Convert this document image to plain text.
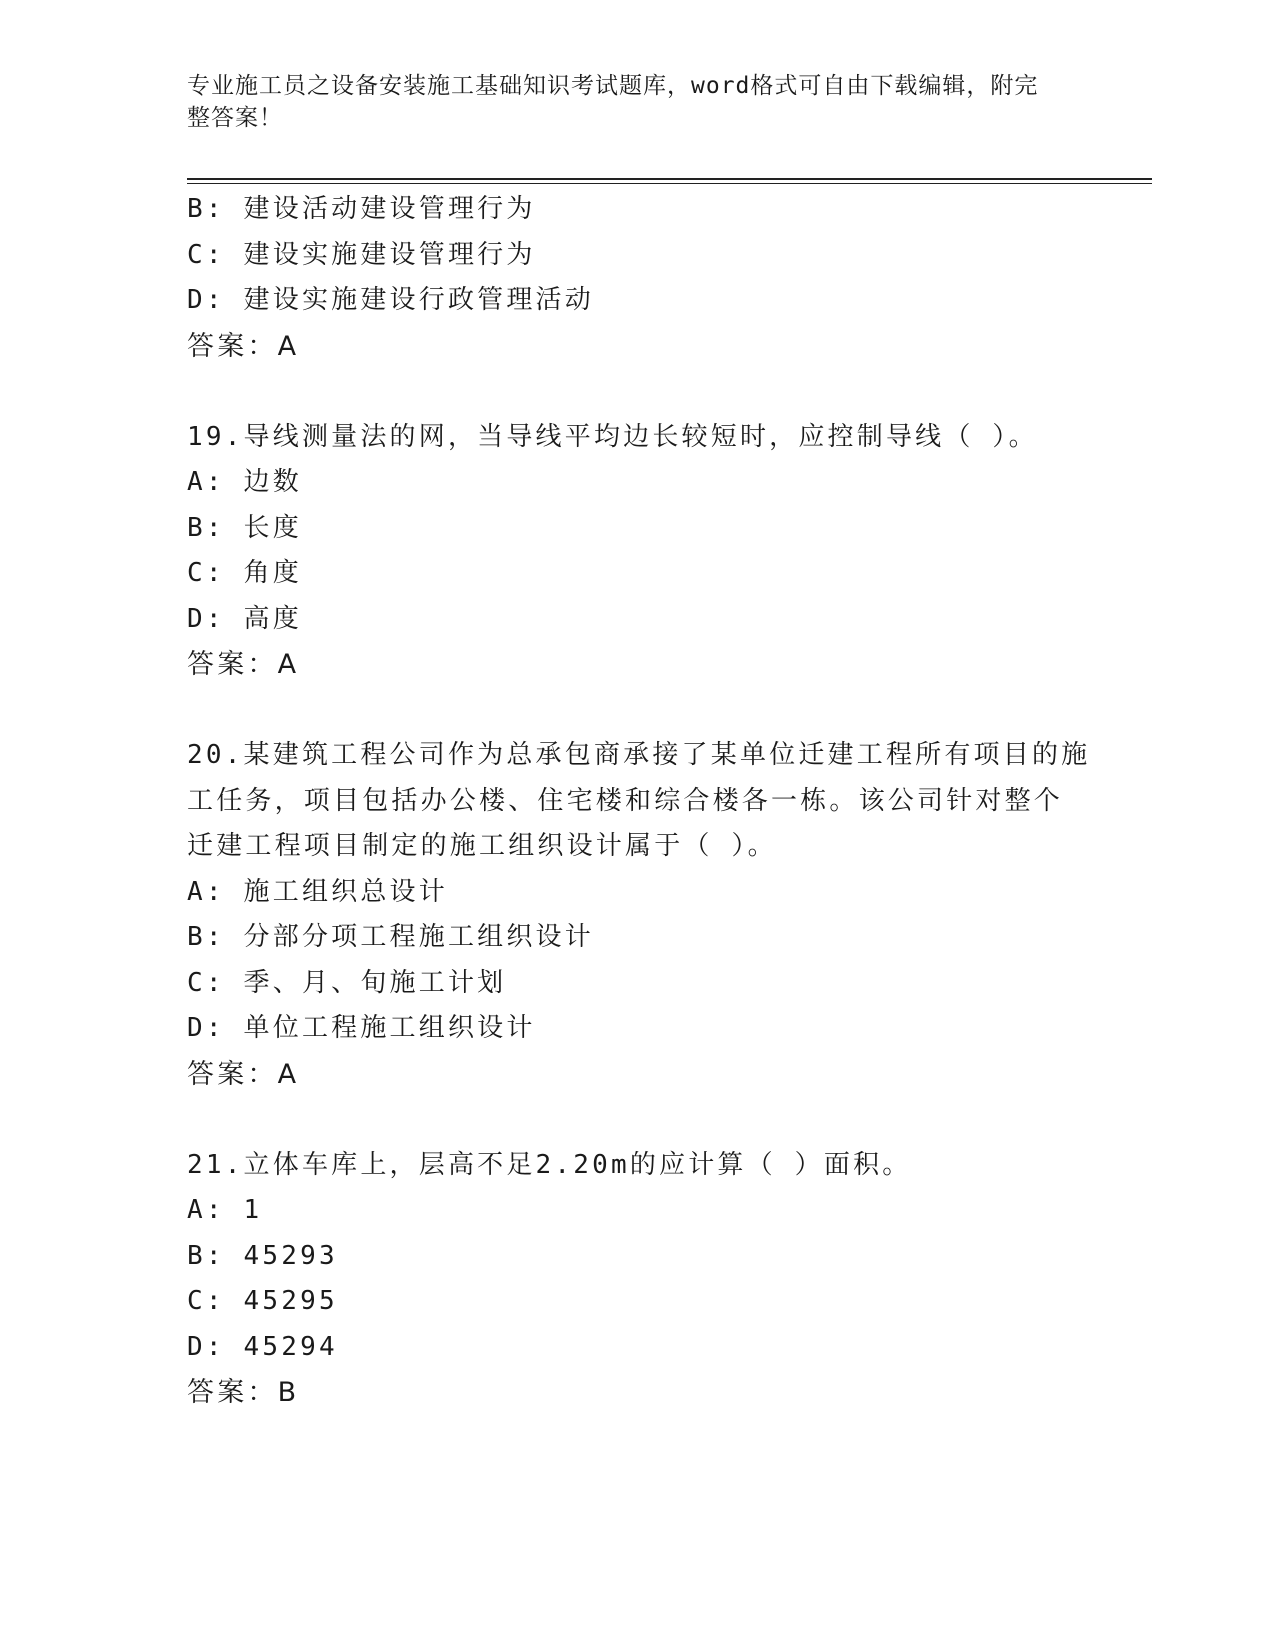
专业施工员之设备安装施工基础知识考试题库，word格式可自由下载编辑，附完
整答案！
B: 建设活动建设管理行为
C: 建设实施建设管理行为
D: 建设实施建设行政管理活动
答案：A
19.导线测量法的网，当导线平均边长较短时，应控制导线（ ）。
A: 边数
B: 长度
C: 角度
D: 高度
答案：A
20.某建筑工程公司作为总承包商承接了某单位迁建工程所有项目的施
工任务，项目包括办公楼、住宅楼和综合楼各一栋。该公司针对整个
迁建工程项目制定的施工组织设计属于（ ）。
A: 施工组织总设计
B: 分部分项工程施工组织设计
C: 季、月、旬施工计划
D: 单位工程施工组织设计
答案：A
21.立体车库上，层高不足2.20m的应计算（ ）面积。
A: 1
B: 45293
C: 45295
D: 45294
答案：B
